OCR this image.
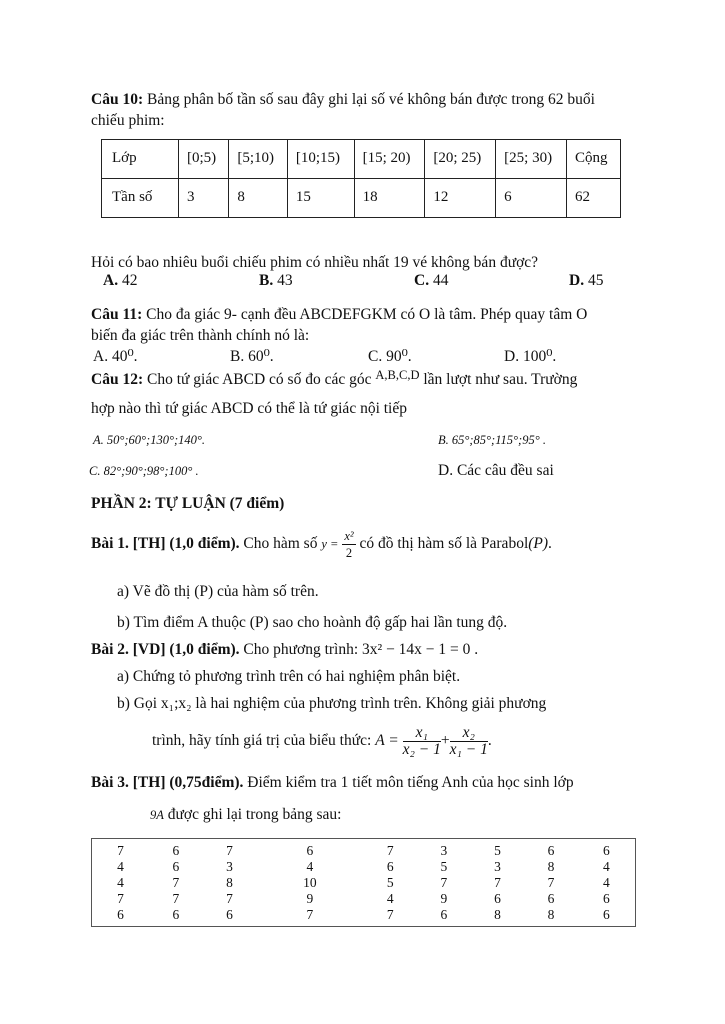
Câu 10: Bảng phân bố tần số sau đây ghi lại số vé không bán được trong 62 buổi
chiếu phim:
Lớp	[0;5)	[5;10)	[10;15)	[15; 20)	[20; 25)	[25; 30)	Cộng
Tần số	3	8	15	18	12	6	62
Hỏi có bao nhiêu buổi chiếu phim có nhiều nhất 19 vé không bán được?
A. 42	B. 43	C. 44	D. 45
Câu 11: Cho đa giác 9- cạnh đều ABCDEFGKM có O là tâm. Phép quay tâm O
biến đa giác trên thành chính nó là:
A. 40⁰.	B. 60⁰.	C. 90⁰.	D. 100⁰.
Câu 12: Cho tứ giác ABCD có số đo các góc $^{A,B,C,D}$ lần lượt như sau. Trường
hợp nào thì tứ giác ABCD có thể là tứ giác nội tiếp
A. 50°;60°;130°;140°.	B. 65°;85°;115°;95° .
C. 82°;90°;98°;100° .	D. Các câu đều sai
PHẦN 2: TỰ LUẬN (7 điểm)
Bài 1. [TH] (1,0 điểm). Cho hàm số $y = \frac{\text{x²}}{2}$ có đồ thị hàm số là Parabol(P).
a) Vẽ đồ thị (P) của hàm số trên.
b) Tìm điểm A thuộc (P) sao cho hoành độ gấp hai lần tung độ.
Bài 2. [VD] (1,0 điểm). Cho phương trình: 3x² − 14x − 1 = 0 .
a) Chứng tỏ phương trình trên có hai nghiệm phân biệt.
b) Gọi x₁;x₂ là hai nghiệm của phương trình trên. Không giải phương
trình, hãy tính giá trị của biểu thức: $A = \frac{\text{x₁}}{\text{x₂ − 1}} + \frac{\text{x₂}}{\text{x₁ − 1}}$ .
Bài 3. [TH] (0,75điểm). Điểm kiểm tra 1 tiết môn tiếng Anh của học sinh lớp
9A được ghi lại trong bảng sau:
7	6	7	6	7	3	5	6	6
4	6	3	4	6	5	3	8	4
4	7	8	10	5	7	7	7	4
7	7	7	9	4	9	6	6	6
6	6	6	7	7	6	8	8	6
